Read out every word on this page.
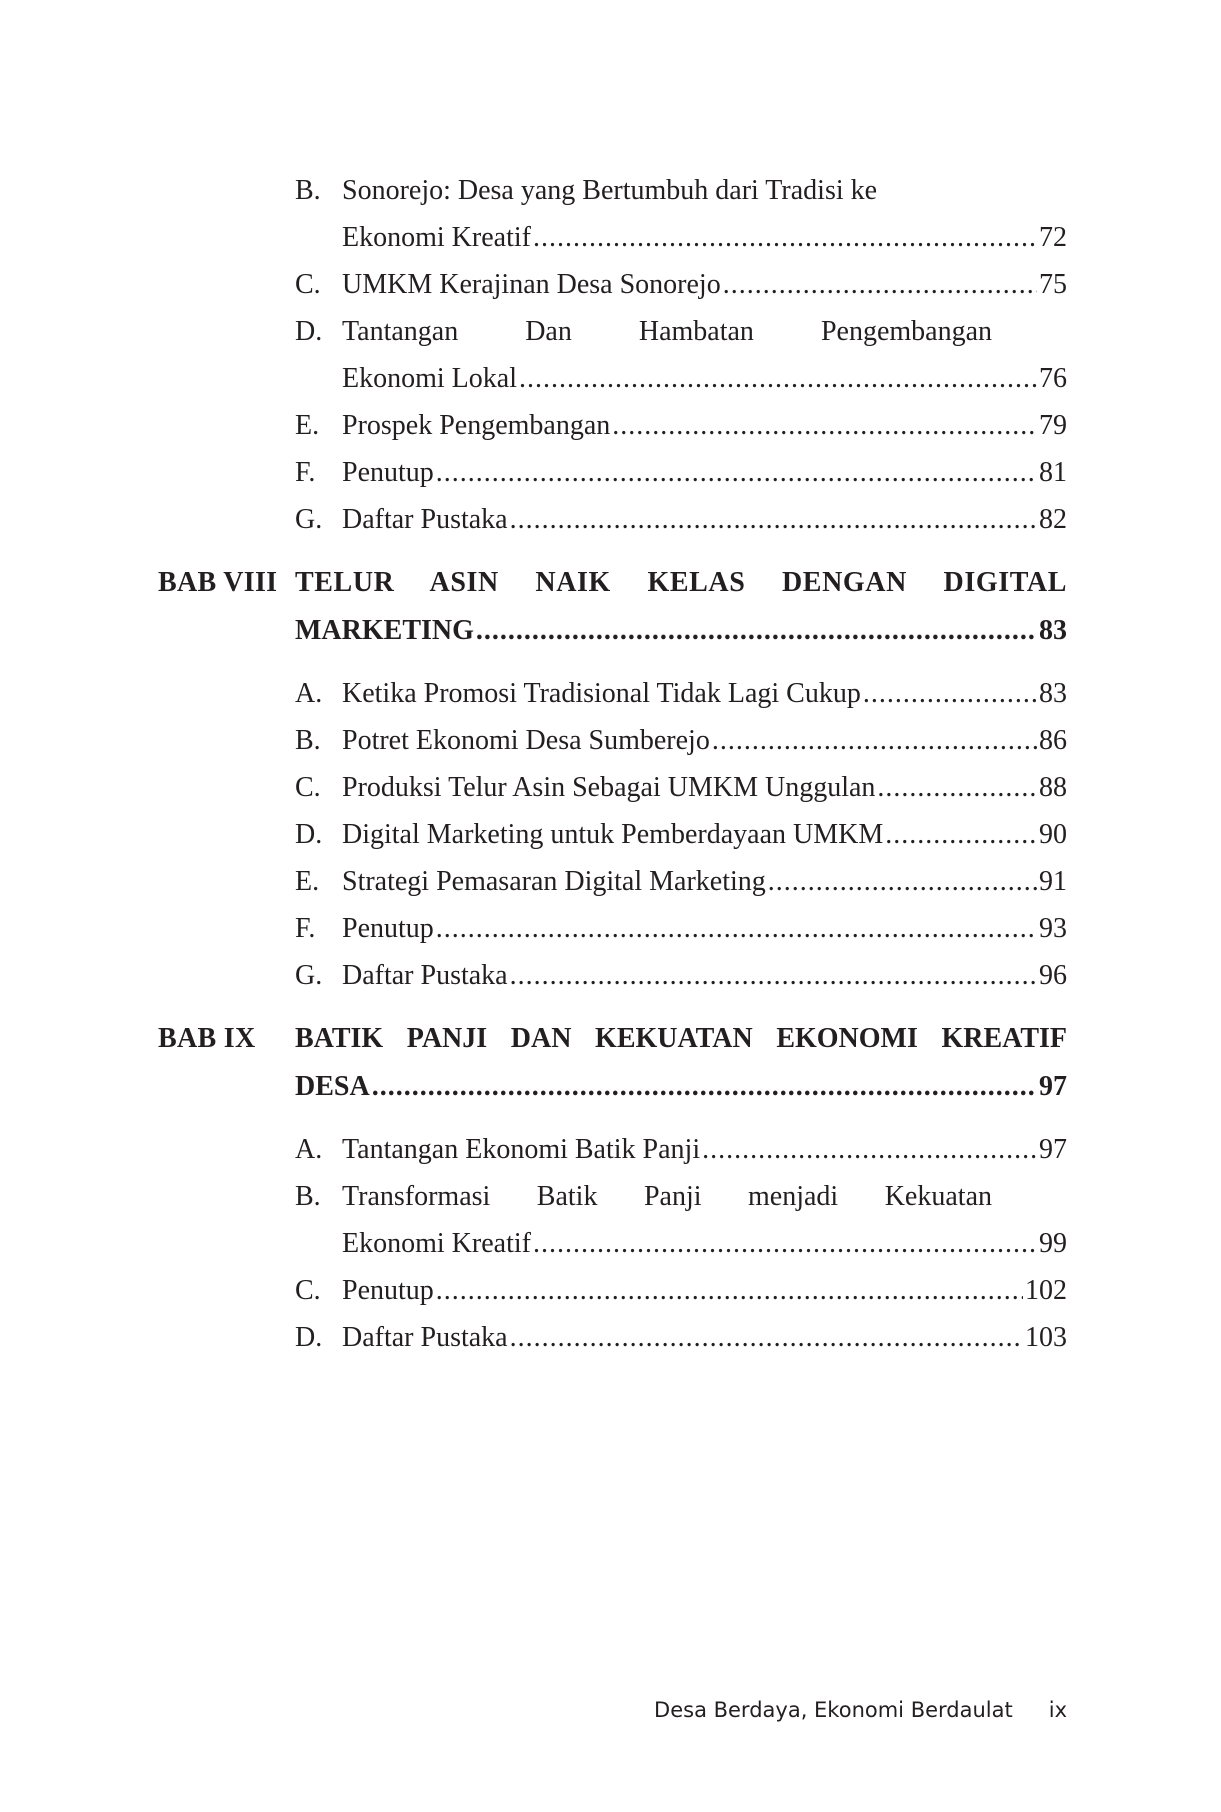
B. Sonorejo: Desa yang Bertumbuh dari Tradisi ke
Ekonomi Kreatif .....	72
C. UMKM Kerajinan Desa Sonorejo .....	75
D. Tantangan Dan Hambatan Pengembangan
Ekonomi Lokal .....	76
E. Prospek Pengembangan .....	79
F. Penutup .....	81
G. Daftar Pustaka .....	82
BAB VIII TELUR ASIN NAIK KELAS DENGAN DIGITAL
MARKETING .....	83
A. Ketika Promosi Tradisional Tidak Lagi Cukup .....	83
B. Potret Ekonomi Desa Sumberejo .....	86
C. Produksi Telur Asin Sebagai UMKM Unggulan .....	88
D. Digital Marketing untuk Pemberdayaan UMKM .....	90
E. Strategi Pemasaran Digital Marketing .....	91
F. Penutup .....	93
G. Daftar Pustaka .....	96
BAB IX BATIK PANJI DAN KEKUATAN EKONOMI KREATIF
DESA .....	97
A. Tantangan Ekonomi Batik Panji .....	97
B. Transformasi Batik Panji menjadi Kekuatan
Ekonomi Kreatif .....	99
C. Penutup .....	102
D. Daftar Pustaka .....	103
Desa Berdaya, Ekonomi Berdaulat ix
